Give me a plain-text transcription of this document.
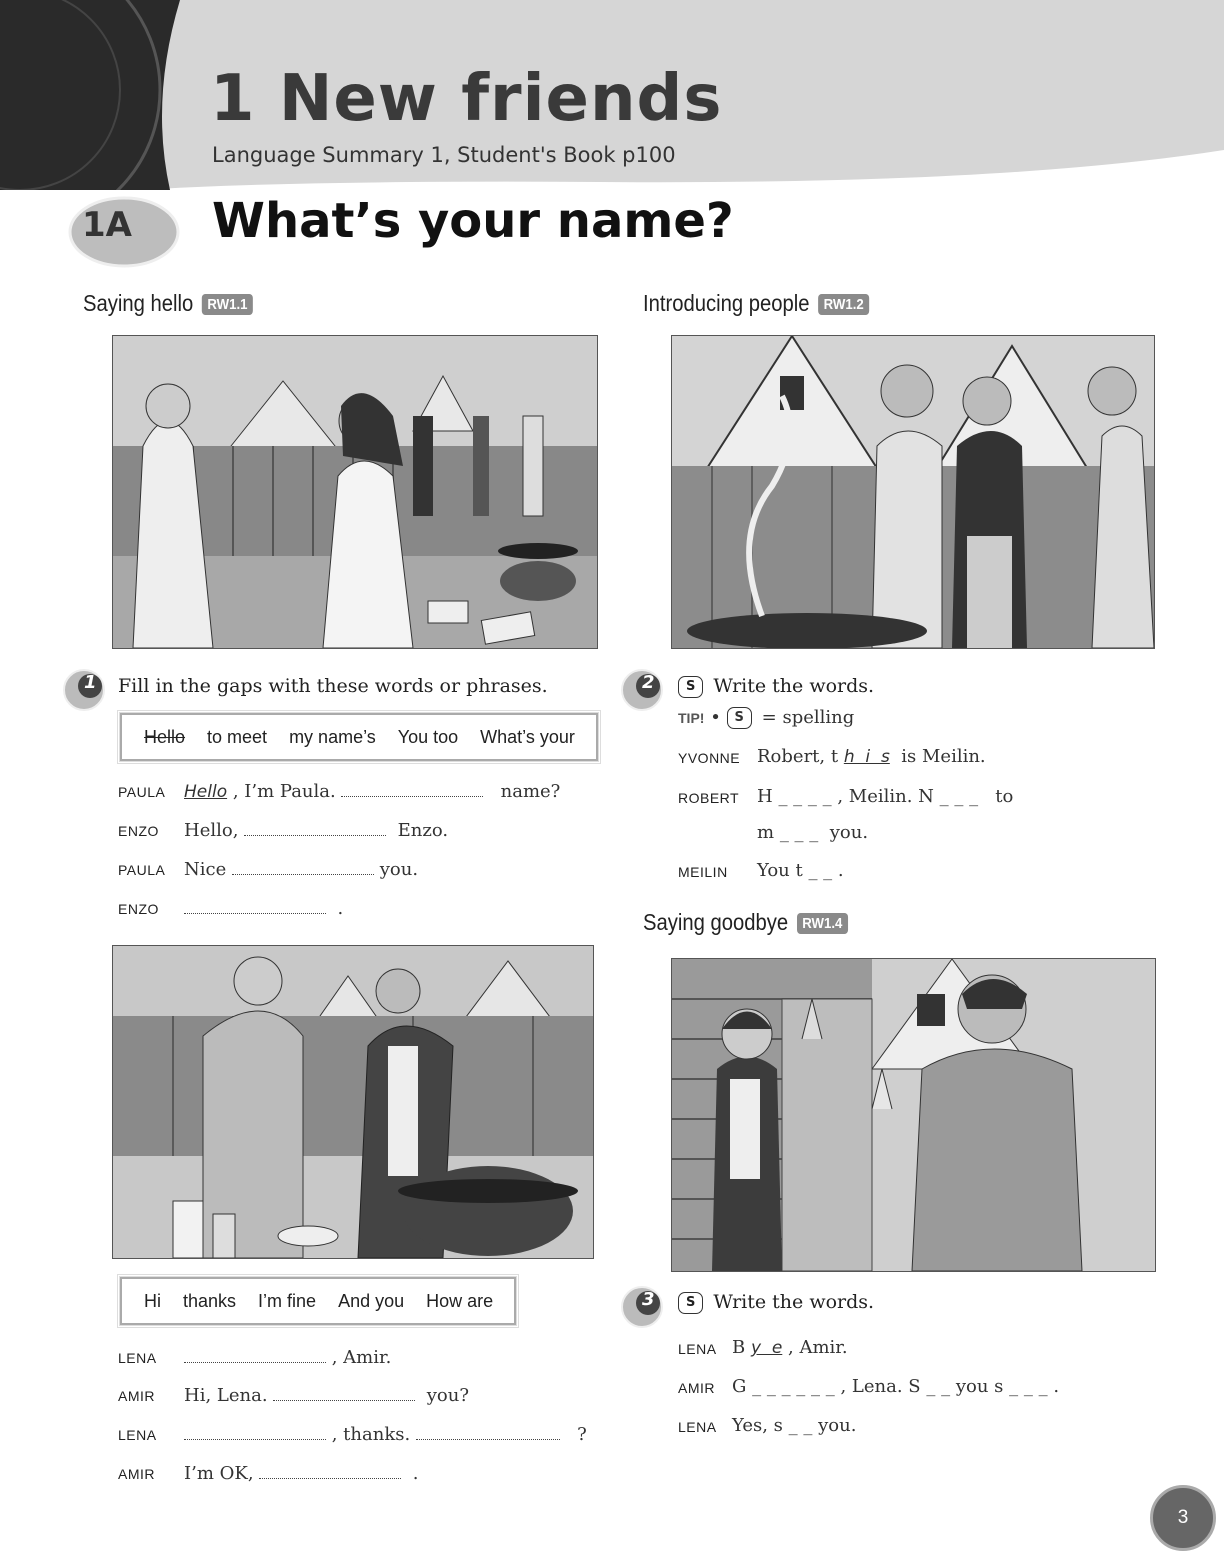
1 New friends
Language Summary 1, Student's Book p100
1A What’s your name?
Saying hello RW1.1
1 Fill in the gaps with these words or phrases.
Hello to meet my name’s You too What’s your
PAULA	Hello , I’m Paula.	name?
ENZO	Hello,	Enzo.
PAULA	Nice	you.
ENZO	.
Hi thanks I’m fine And you How are
LENA	, Amir.
AMIR	Hi, Lena.	you?
LENA	, thanks.	?
AMIR	I’m OK,	.
Introducing people RW1.2
2	S Write the words.
TIP! • S = spelling
YVONNE Robert, t h  i  s is Meilin.
ROBERT H _ _ _ _ , Meilin. N _ _ _ to
m _ _ _ you.
MEILIN	You t _ _ .
Saying goodbye RW1.4
3	S Write the words.
LENA B y  e , Amir.
AMIR G _ _ _ _ _ _ , Lena. S _ _ you s _ _ _ .
LENA Yes, s _ _ you.
3
